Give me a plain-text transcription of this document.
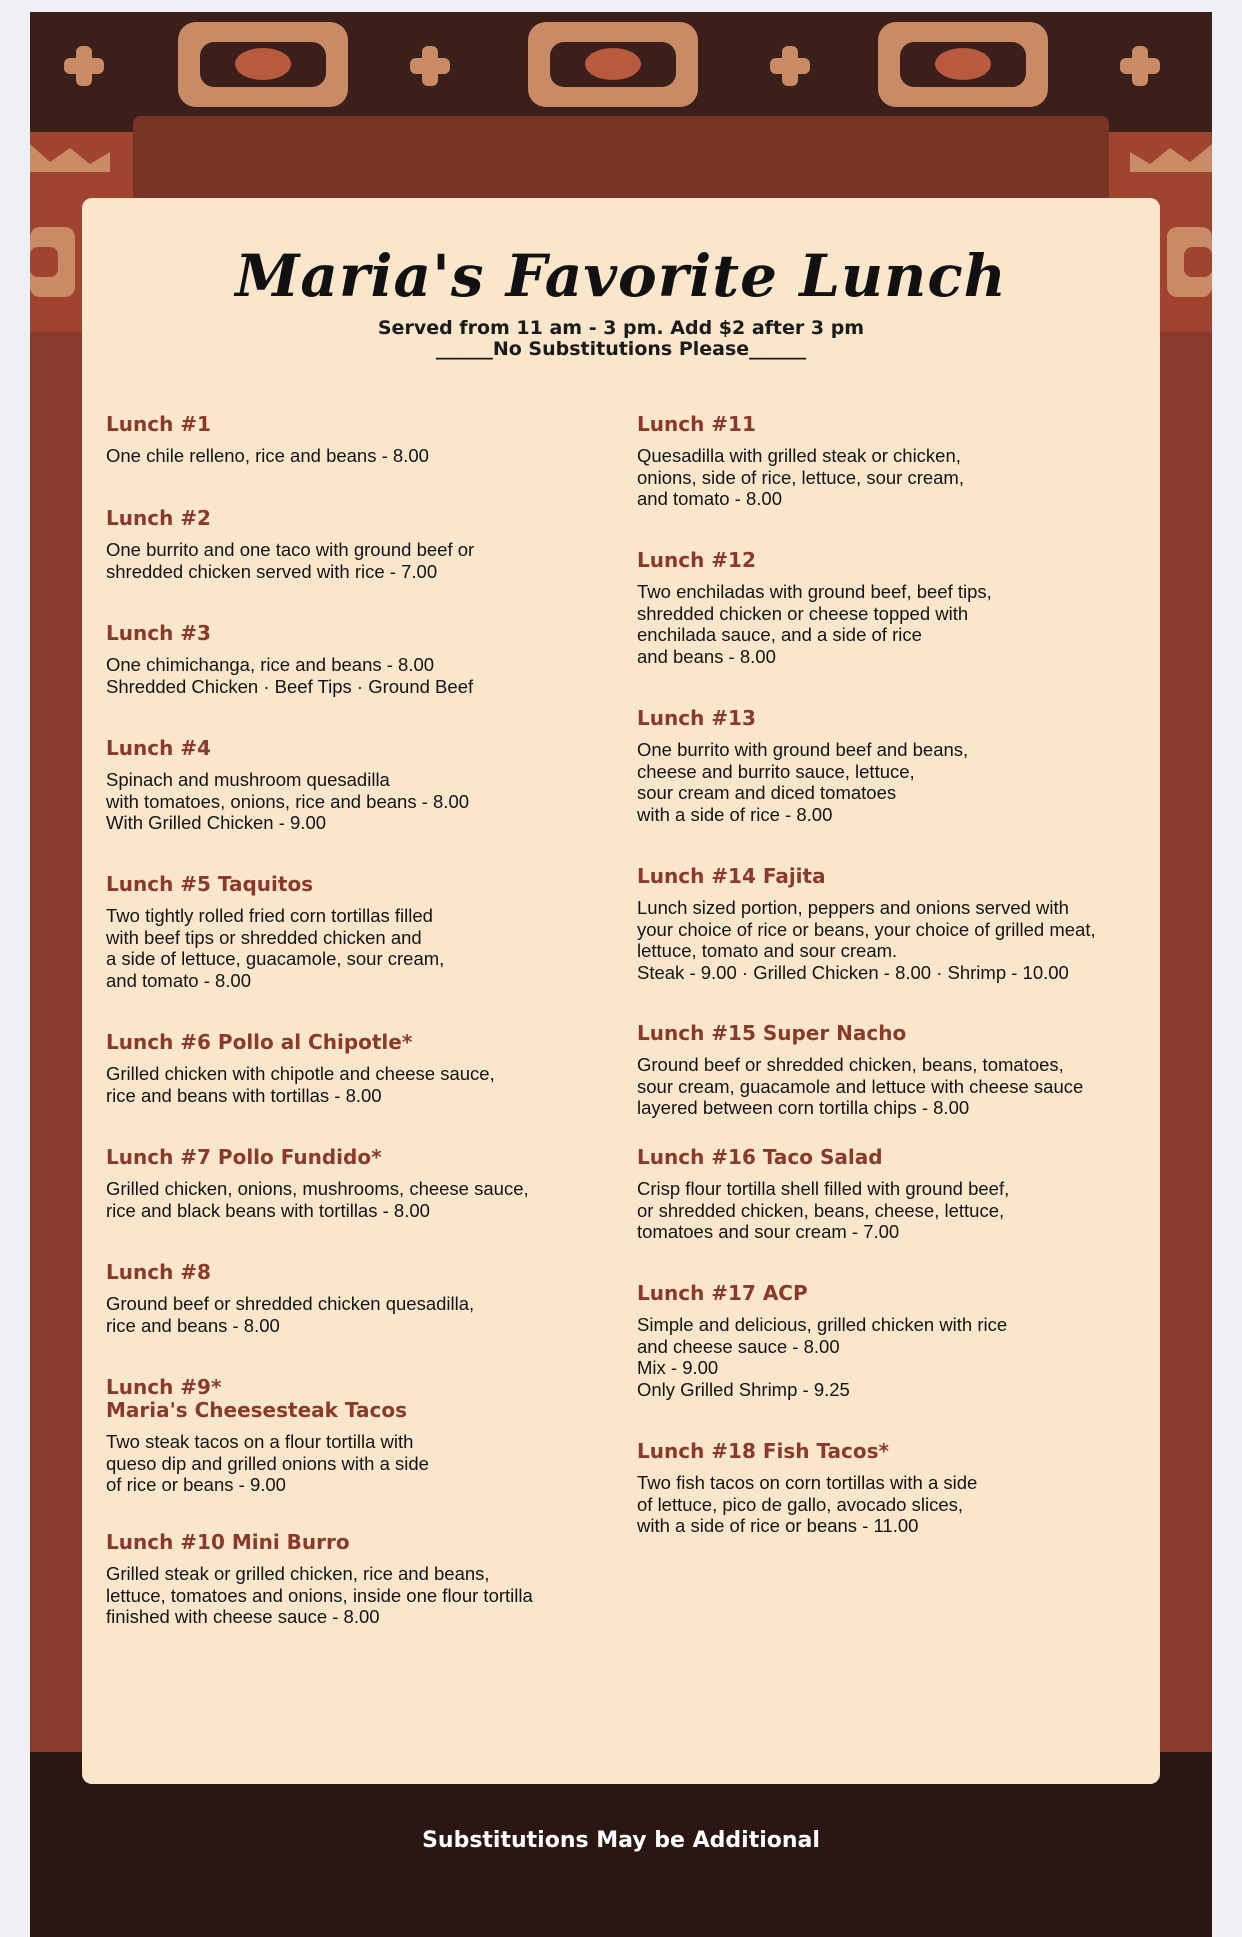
Maria's Favorite Lunch
Served from 11 am - 3 pm. Add $2 after 3 pm
______No Substitutions Please______

Lunch #1

One chile relleno, rice and beans - 8.00

Lunch #2

One burrito and one taco with ground beef or
shredded chicken served with rice - 7.00

Lunch #3

One chimichanga, rice and beans - 8.00
Shredded Chicken · Beef Tips · Ground Beef

Lunch #4

Spinach and mushroom quesadilla
with tomatoes, onions, rice and beans - 8.00
With Grilled Chicken - 9.00

Lunch #5 Taquitos

Two tightly rolled fried corn tortillas filled
with beef tips or shredded chicken and
a side of lettuce, guacamole, sour cream,
and tomato - 8.00

Lunch #6 Pollo al Chipotle*

Grilled chicken with chipotle and cheese sauce,
rice and beans with tortillas - 8.00

Lunch #7 Pollo Fundido*

Grilled chicken, onions, mushrooms, cheese sauce,
rice and black beans with tortillas - 8.00

Lunch #8

Ground beef or shredded chicken quesadilla,
rice and beans - 8.00

Lunch #9*
Maria's Cheesesteak Tacos

Two steak tacos on a flour tortilla with
queso dip and grilled onions with a side
of rice or beans - 9.00

Lunch #10 Mini Burro

Grilled steak or grilled chicken, rice and beans,
lettuce, tomatoes and onions, inside one flour tortilla
finished with cheese sauce - 8.00

Lunch #11

Quesadilla with grilled steak or chicken,
onions, side of rice, lettuce, sour cream,
and tomato - 8.00

Lunch #12

Two enchiladas with ground beef, beef tips,
shredded chicken or cheese topped with
enchilada sauce, and a side of rice
and beans - 8.00

Lunch #13

One burrito with ground beef and beans,
cheese and burrito sauce, lettuce,
sour cream and diced tomatoes
with a side of rice - 8.00

Lunch #14 Fajita

Lunch sized portion, peppers and onions served with
your choice of rice or beans, your choice of grilled meat,
lettuce, tomato and sour cream.
Steak - 9.00 · Grilled Chicken - 8.00 · Shrimp - 10.00

Lunch #15 Super Nacho

Ground beef or shredded chicken, beans, tomatoes,
sour cream, guacamole and lettuce with cheese sauce
layered between corn tortilla chips - 8.00

Lunch #16 Taco Salad

Crisp flour tortilla shell filled with ground beef,
or shredded chicken, beans, cheese, lettuce,
tomatoes and sour cream - 7.00

Lunch #17 ACP

Simple and delicious, grilled chicken with rice
and cheese sauce - 8.00
Mix - 9.00
Only Grilled Shrimp - 9.25

Lunch #18 Fish Tacos*

Two fish tacos on corn tortillas with a side
of lettuce, pico de gallo, avocado slices,
with a side of rice or beans - 11.00

Substitutions May be Additional
